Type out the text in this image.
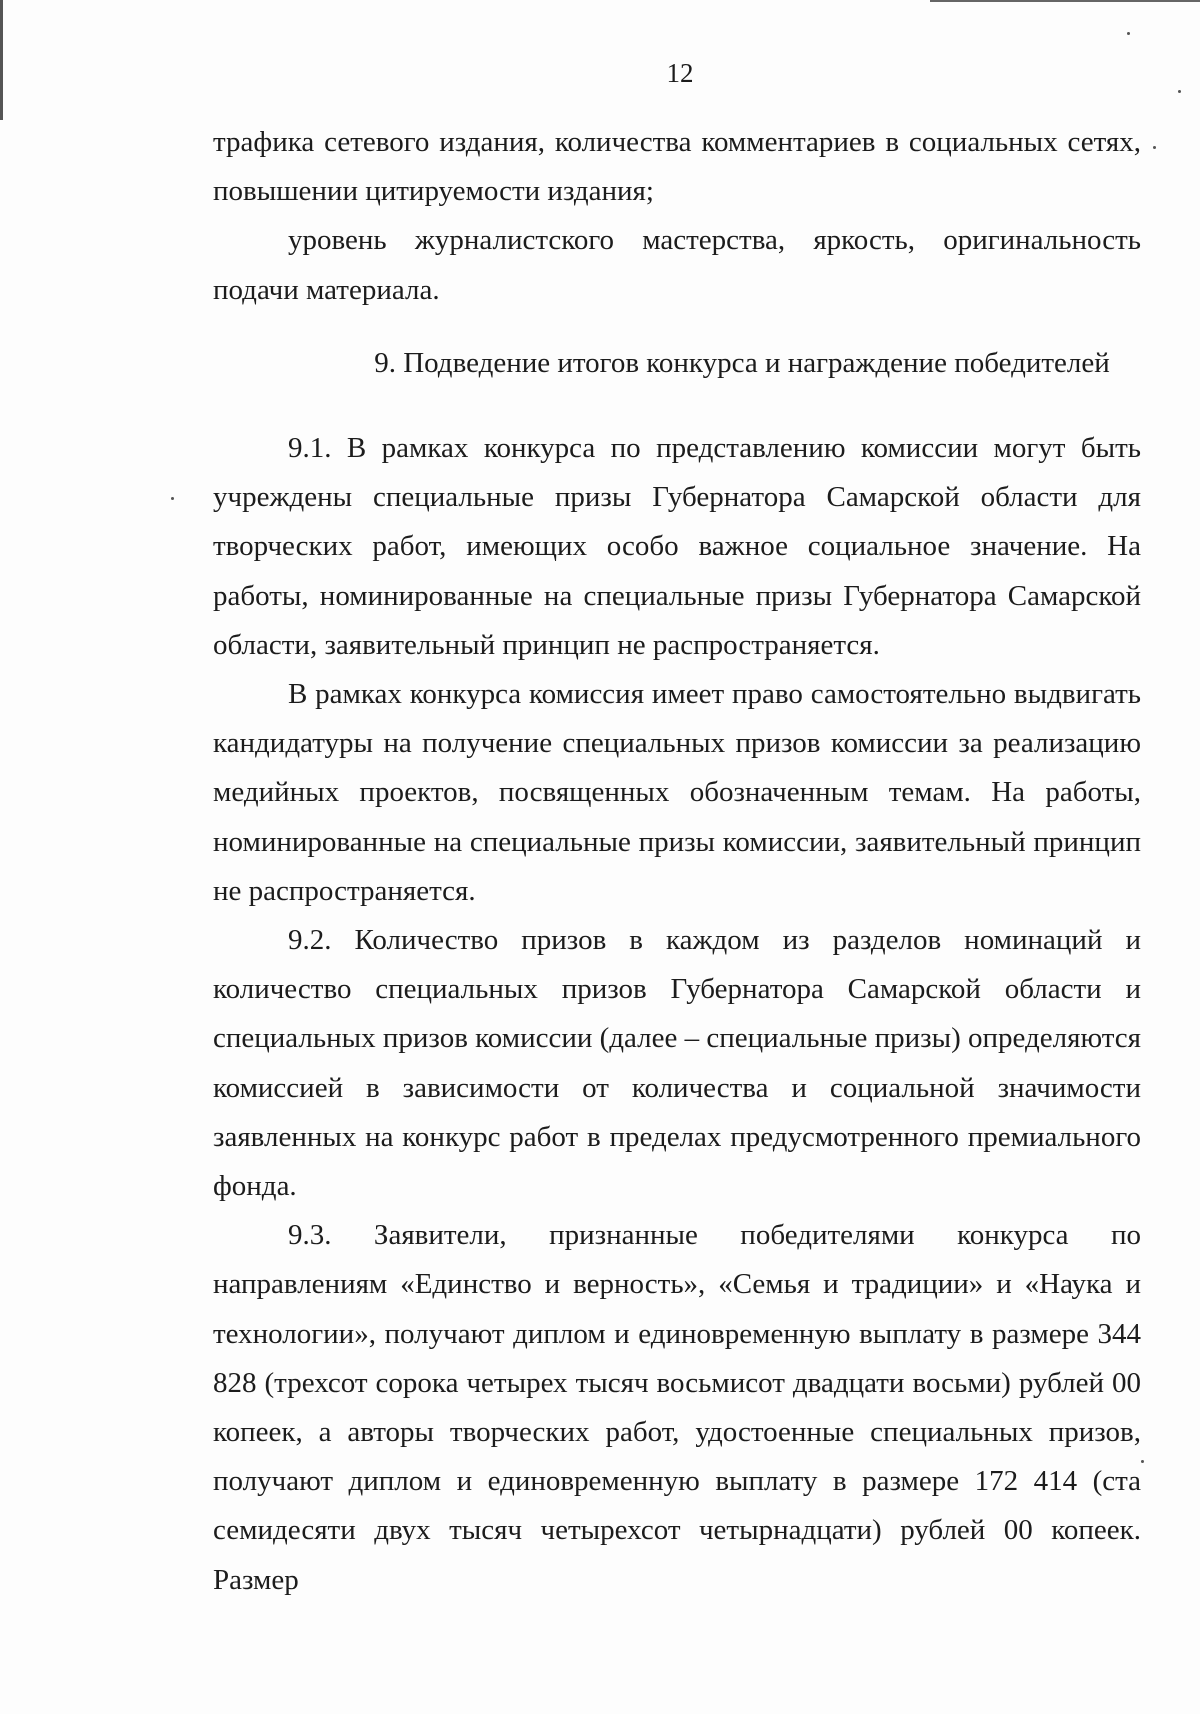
12

трафика сетевого издания, количества комментариев в социальных сетях, повышении цитируемости издания;

уровень журналистского мастерства, яркость, оригинальность подачи материала.

9. Подведение итогов конкурса и награждение победителей

9.1. В рамках конкурса по представлению комиссии могут быть учреждены специальные призы Губернатора Самарской области для творческих работ, имеющих особо важное социальное значение. На работы, номинированные на специальные призы Губернатора Самарской области, заявительный принцип не распространяется.

В рамках конкурса комиссия имеет право самостоятельно выдвигать кандидатуры на получение специальных призов комиссии за реализацию медийных проектов, посвященных обозначенным темам. На работы, номинированные на специальные призы комиссии, заявительный принцип не распространяется.

9.2. Количество призов в каждом из разделов номинаций и количество специальных призов Губернатора Самарской области и специальных призов комиссии (далее – специальные призы) определяются комиссией в зависимости от количества и социальной значимости заявленных на конкурс работ в пределах предусмотренного премиального фонда.

9.3. Заявители, признанные победителями конкурса по направлениям «Единство и верность», «Семья и традиции» и «Наука и технологии», получают диплом и единовременную выплату в размере 344 828 (трехсот сорока четырех тысяч восьмисот двадцати восьми) рублей 00 копеек, а авторы творческих работ, удостоенные специальных призов, получают диплом и единовременную выплату в размере 172 414 (ста семидесяти двух тысяч четырехсот четырнадцати) рублей 00 копеек. Размер
